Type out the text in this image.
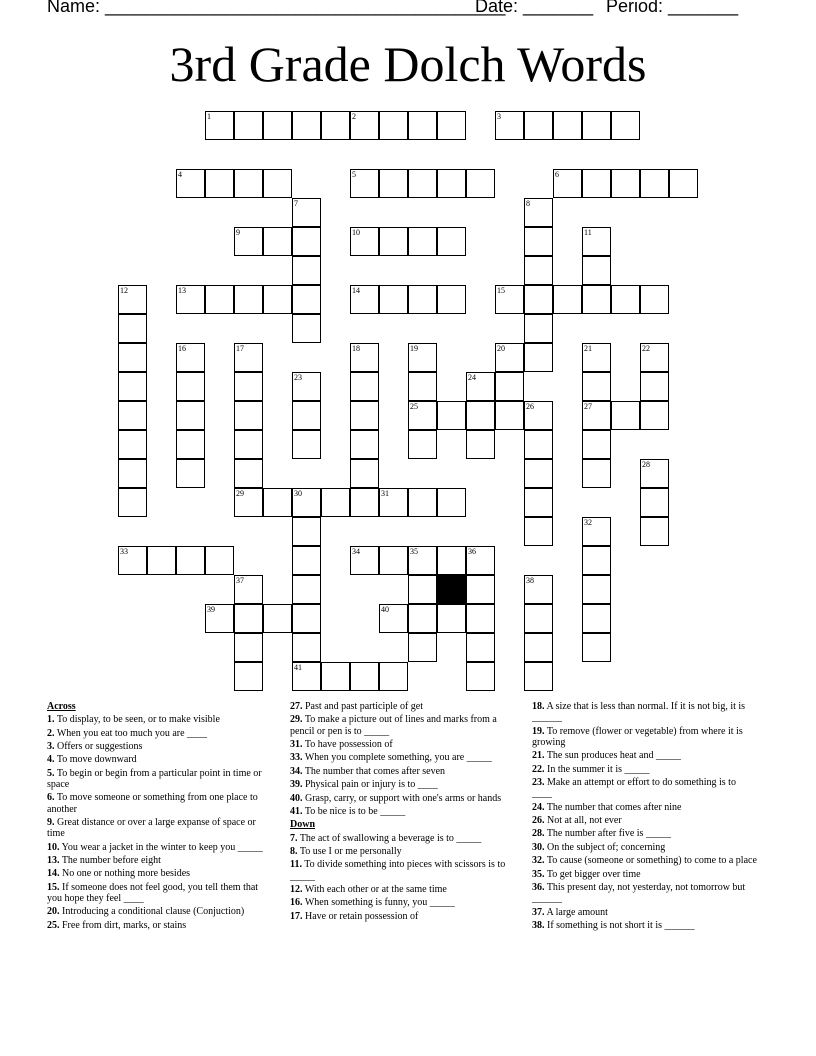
Name: ________________________________________
Date: _______ Period: _______
3rd Grade Dolch Words
1	2	3
4	5	6
7	8
9	10	11
12	13	14	15
16	17	18	19
25
20	21
27
22
23	24
26
28
29	30
41
31
32
33	34	35	36
37	38
39	40
Across
1. To display, to be seen, or to make visible
2. When you eat too much you are ____
3. Offers or suggestions
4. To move downward
5. To begin or begin from a particular point in time or space
6. To move someone or something from one place to another
9. Great distance or over a large expanse of space or time
10. You wear a jacket in the winter to keep you _____
13. The number before eight
14. No one or nothing more besides
15. If someone does not feel good, you tell them that you hope they feel ____
20. Introducing a conditional clause (Conjuction)
25. Free from dirt, marks, or stains
27. Past and past participle of get
29. To make a picture out of lines and marks from a pencil or pen is to _____
31. To have possession of
33. When you complete something, you are _____
34. The number that comes after seven
39. Physical pain or injury is to ____
40. Grasp, carry, or support with one's arms or hands
41. To be nice is to be _____
Down
7. The act of swallowing a beverage is to _____
8. To use I or me personally
11. To divide something into pieces with scissors is to _____
12. With each other or at the same time
16. When something is funny, you _____
17. Have or retain possession of
18. A size that is less than normal. If it is not big, it is ______
19. To remove (flower or vegetable) from where it is growing
21. The sun produces heat and _____
22. In the summer it is _____
23. Make an attempt or effort to do something is to ____
24. The number that comes after nine
26. Not at all, not ever
28. The number after five is _____
30. On the subject of; concerning
32. To cause (someone or something) to come to a place
35. To get bigger over time
36. This present day, not yesterday, not tomorrow but ______
37. A large amount
38. If something is not short it is ______
